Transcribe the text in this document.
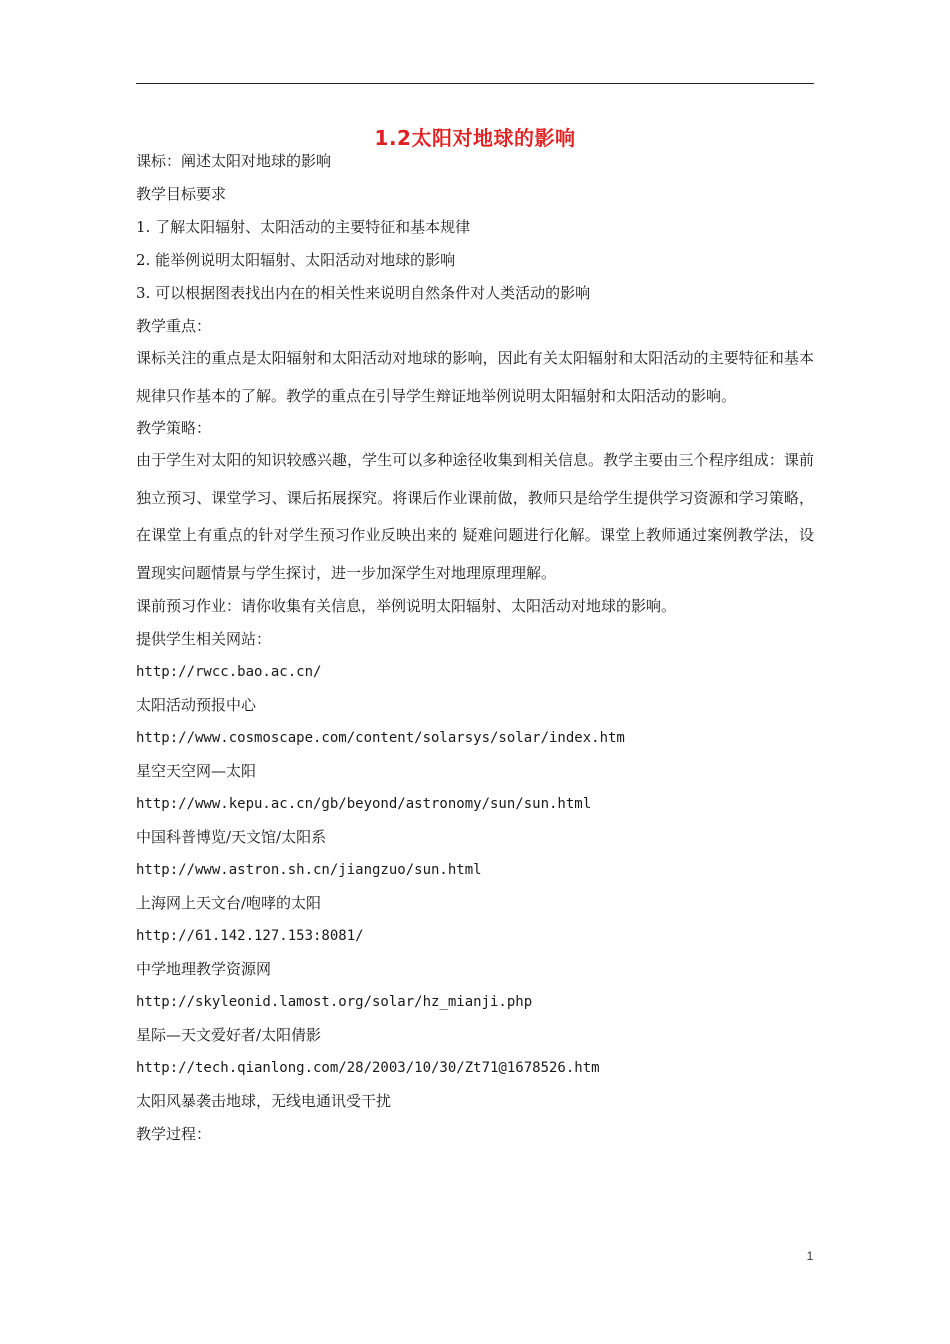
1.2太阳对地球的影响
课标：阐述太阳对地球的影响
教学目标要求
1. 了解太阳辐射、太阳活动的主要特征和基本规律
2. 能举例说明太阳辐射、太阳活动对地球的影响
3. 可以根据图表找出内在的相关性来说明自然条件对人类活动的影响
教学重点：

课标关注的重点是太阳辐射和太阳活动对地球的影响，因此有关太阳辐射和太阳活动的主要特征和基本规律只作基本的了解。教学的重点在引导学生辩证地举例说明太阳辐射和太阳活动的影响。

教学策略：

由于学生对太阳的知识较感兴趣，学生可以多种途径收集到相关信息。教学主要由三个程序组成：课前独立预习、课堂学习、课后拓展探究。将课后作业课前做，教师只是给学生提供学习资源和学习策略，在课堂上有重点的针对学生预习作业反映出来的 疑难问题进行化解。课堂上教师通过案例教学法，设置现实问题情景与学生探讨，进一步加深学生对地理原理理解。

课前预习作业：请你收集有关信息，举例说明太阳辐射、太阳活动对地球的影响。
提供学生相关网站：
http://rwcc.bao.ac.cn/
太阳活动预报中心
http://www.cosmoscape.com/content/solarsys/solar/index.htm
星空天空网—太阳
http://www.kepu.ac.cn/gb/beyond/astronomy/sun/sun.html
中国科普博览/天文馆/太阳系
http://www.astron.sh.cn/jiangzuo/sun.html
上海网上天文台/咆哮的太阳
http://61.142.127.153:8081/
中学地理教学资源网
http://skyleonid.lamost.org/solar/hz_mianji.php
星际—天文爱好者/太阳倩影
http://tech.qianlong.com/28/2003/10/30/Zt71@1678526.htm
太阳风暴袭击地球，无线电通讯受干扰
教学过程：
1
